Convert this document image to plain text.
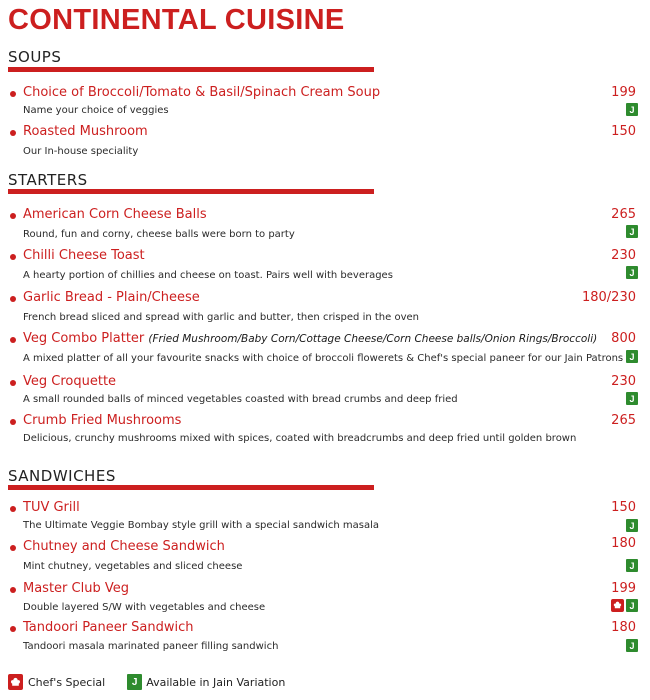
CONTINENTAL CUISINE
SOUPS
Choice of Broccoli/Tomato & Basil/Spinach Cream Soup	199
Name your choice of veggies	J
Roasted Mushroom	150
Our In-house speciality
STARTERS
American Corn Cheese Balls	265
Round, fun and corny, cheese balls were born to party	J
Chilli Cheese Toast	230
A hearty portion of chillies and cheese on toast. Pairs well with beverages	J
Garlic Bread - Plain/Cheese	180/230
French bread sliced and spread with garlic and butter, then crisped in the oven
Veg Combo Platter (Fried Mushroom/Baby Corn/Cottage Cheese/Corn Cheese balls/Onion Rings/Broccoli) 800
A mixed platter of all your favourite snacks with choice of broccoli flowerets & Chef's special paneer for our Jain Patrons J
Veg Croquette	230
A small rounded balls of minced vegetables coasted with bread crumbs and deep fried	J
Crumb Fried Mushrooms	265
Delicious, crunchy mushrooms mixed with spices, coated with breadcrumbs and deep fried until golden brown
SANDWICHES
TUV Grill	150
The Ultimate Veggie Bombay style grill with a special sandwich masala	J
Chutney and Cheese Sandwich	180
Mint chutney, vegetables and sliced cheese	J
Master Club Veg	199
Double layered S/W with vegetables and cheese	J
Tandoori Paneer Sandwich	180
Tandoori masala marinated paneer filling sandwich	J
Chef's Special	J Available in Jain Variation
